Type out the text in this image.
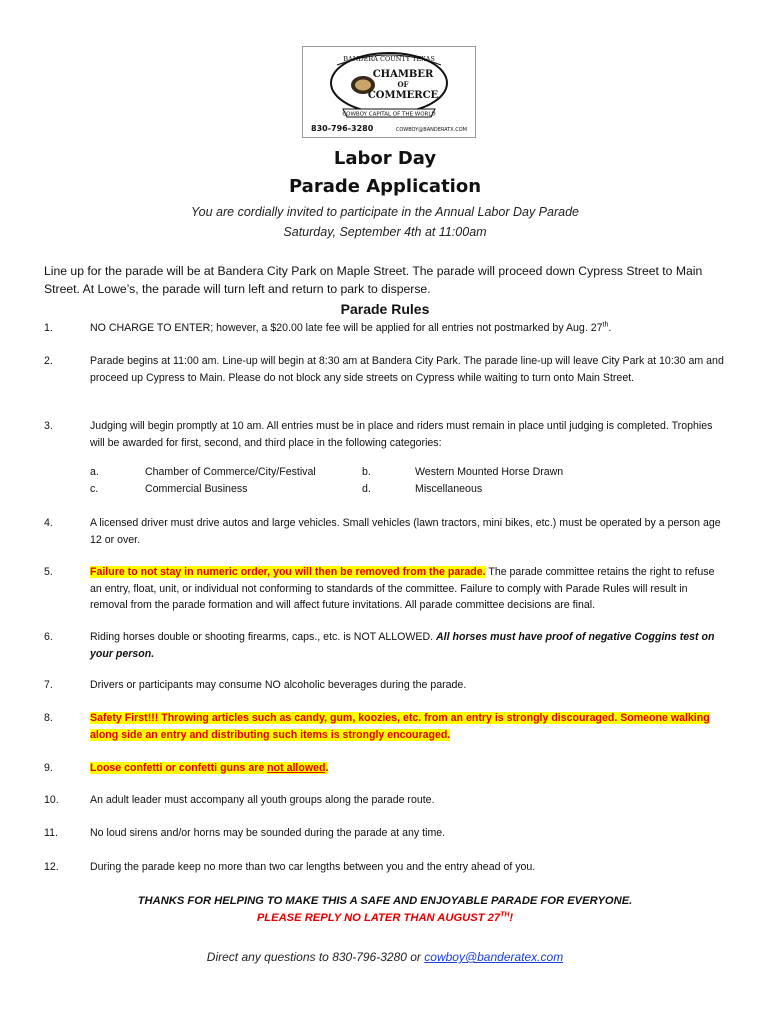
BANDERA COUNTY TEXAS
CHAMBER
OF
COMMERCE
COWBOY CAPITAL OF THE WORLD
830-796-3280	COWBOY@BANDERATX.COM
Labor Day
Parade Application
You are cordially invited to participate in the Annual Labor Day Parade
Saturday, September 4th at 11:00am
Line up for the parade will be at Bandera City Park on Maple Street. The parade will proceed down Cypress Street to Main Street. At Lowe’s, the parade will turn left and return to park to disperse.
Parade Rules
1.	NO CHARGE TO ENTER; however, a $20.00 late fee will be applied for all entries not postmarked by Aug. 27th.
2.	Parade begins at 11:00 am. Line-up will begin at 8:30 am at Bandera City Park. The parade line-up will leave City Park at 10:30 am and proceed up Cypress to Main. Please do not block any side streets on Cypress while waiting to turn onto Main Street.
3.	Judging will begin promptly at 10 am. All entries must be in place and riders must remain in place until judging is completed. Trophies will be awarded for first, second, and third place in the following categories:
a.	Chamber of Commerce/City/Festival	b.	Western Mounted Horse Drawn
c.	Commercial Business	d.	Miscellaneous
4.	A licensed driver must drive autos and large vehicles. Small vehicles (lawn tractors, mini bikes, etc.) must be operated by a person age 12 or over.
5.	Failure to not stay in numeric order, you will then be removed from the parade. The parade committee retains the right to refuse an entry, float, unit, or individual not conforming to standards of the committee. Failure to comply with Parade Rules will result in removal from the parade formation and will affect future invitations. All parade committee decisions are final.
6.	Riding horses double or shooting firearms, caps., etc. is NOT ALLOWED. All horses must have proof of negative Coggins test on your person.
7.	Drivers or participants may consume NO alcoholic beverages during the parade.
8.	Safety First!!! Throwing articles such as candy, gum, koozies, etc. from an entry is strongly discouraged. Someone walking along side an entry and distributing such items is strongly encouraged.
9.	Loose confetti or confetti guns are not allowed.
10.	An adult leader must accompany all youth groups along the parade route.
11.	No loud sirens and/or horns may be sounded during the parade at any time.
12.	During the parade keep no more than two car lengths between you and the entry ahead of you.
THANKS FOR HELPING TO MAKE THIS A SAFE AND ENJOYABLE PARADE FOR EVERYONE.
PLEASE REPLY NO LATER THAN AUGUST 27TH!
Direct any questions to 830-796-3280 or cowboy@banderatex.com
